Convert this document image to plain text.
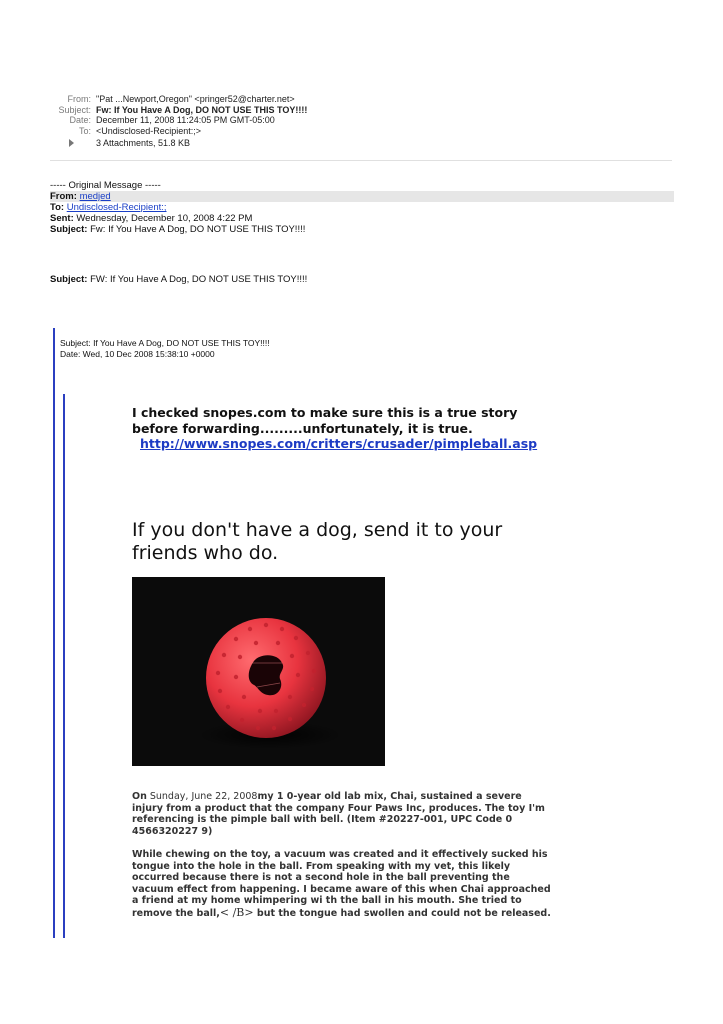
From: "Pat ...Newport,Oregon" <pringer52@charter.net>
Subject: Fw: If You Have A Dog, DO NOT USE THIS TOY!!!!
Date: December 11, 2008 11:24:05 PM GMT-05:00
To: <Undisclosed-Recipient:;>
3 Attachments, 51.8 KB
----- Original Message -----
From: medjed
To: Undisclosed-Recipient:;
Sent: Wednesday, December 10, 2008 4:22 PM
Subject: Fw: If You Have A Dog, DO NOT USE THIS TOY!!!!
Subject: FW: If You Have A Dog, DO NOT USE THIS TOY!!!!
Subject: If You Have A Dog, DO NOT USE THIS TOY!!!!
Date: Wed, 10 Dec 2008 15:38:10 +0000
I checked snopes.com to make sure this is a true story before forwarding.........unfortunately, it is true.
http://www.snopes.com/critters/crusader/pimpleball.asp
If you don't have a dog, send it to your friends who do.

On Sunday, June 22, 2008my 1 0-year old lab mix, Chai, sustained a severe injury from a product that the company Four Paws Inc, produces. The toy I'm referencing is the pimple ball with bell. (Item #20227-001, UPC Code 0 4566320227 9)

While chewing on the toy, a vacuum was created and it effectively sucked his tongue into the hole in the ball. From speaking with my vet, this likely occurred because there is not a second hole in the ball preventing the vacuum effect from happening. I became aware of this when Chai approached a friend at my home whimpering wi th the ball in his mouth. She tried to remove the ball,< /B> but the tongue had swollen and could not be released.
